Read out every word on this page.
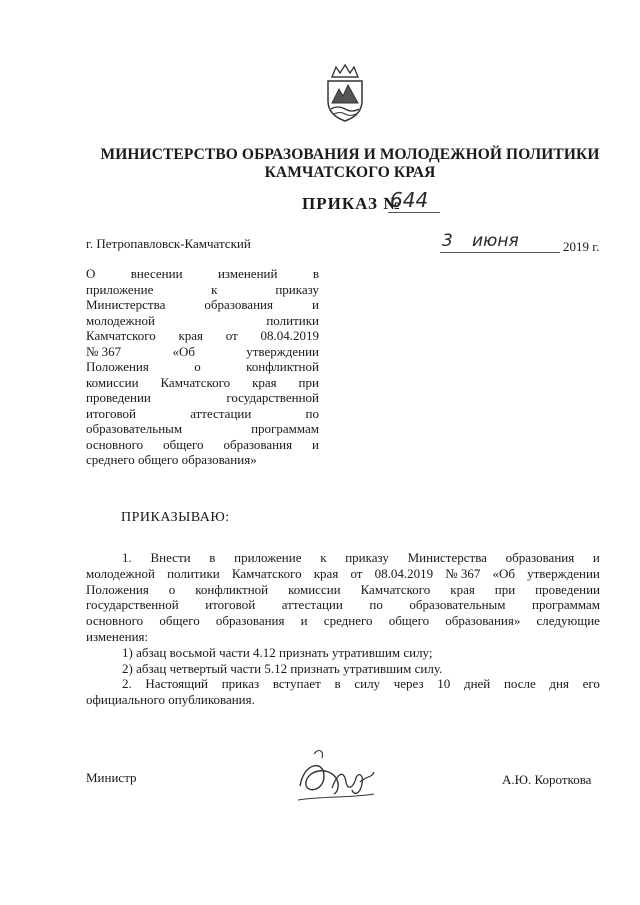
МИНИСТЕРСТВО ОБРАЗОВАНИЯ И МОЛОДЕЖНОЙ ПОЛИТИКИ
КАМЧАТСКОГО КРАЯ
ПРИКАЗ №
644
г. Петропавловск-Камчатский	3 июня	2019 г.
О	внесении	изменений	в
приложение	к	приказу
Министерства	образования	и
молодежной	политики
Камчатского края от 08.04.2019
№ 367	«Об	утверждении
Положения	о	конфликтной
комиссии Камчатского края при
проведении	государственной
итоговой	аттестации	по
образовательным	программам
основного общего образования и
среднего общего образования»
ПРИКАЗЫВАЮ:
1. Внести в приложение к приказу Министерства образования и
молодежной политики Камчатского края от 08.04.2019 № 367 «Об утверждении
Положения о конфликтной комиссии Камчатского края при проведении
государственной итоговой аттестации по образовательным программам
основного общего образования и среднего общего образования» следующие
изменения:
1) абзац восьмой части 4.12 признать утратившим силу;
2) абзац четвертый части 5.12 признать утратившим силу.
2. Настоящий приказ вступает в силу через 10 дней после дня его
официального опубликования.
Министр	А.Ю. Короткова
